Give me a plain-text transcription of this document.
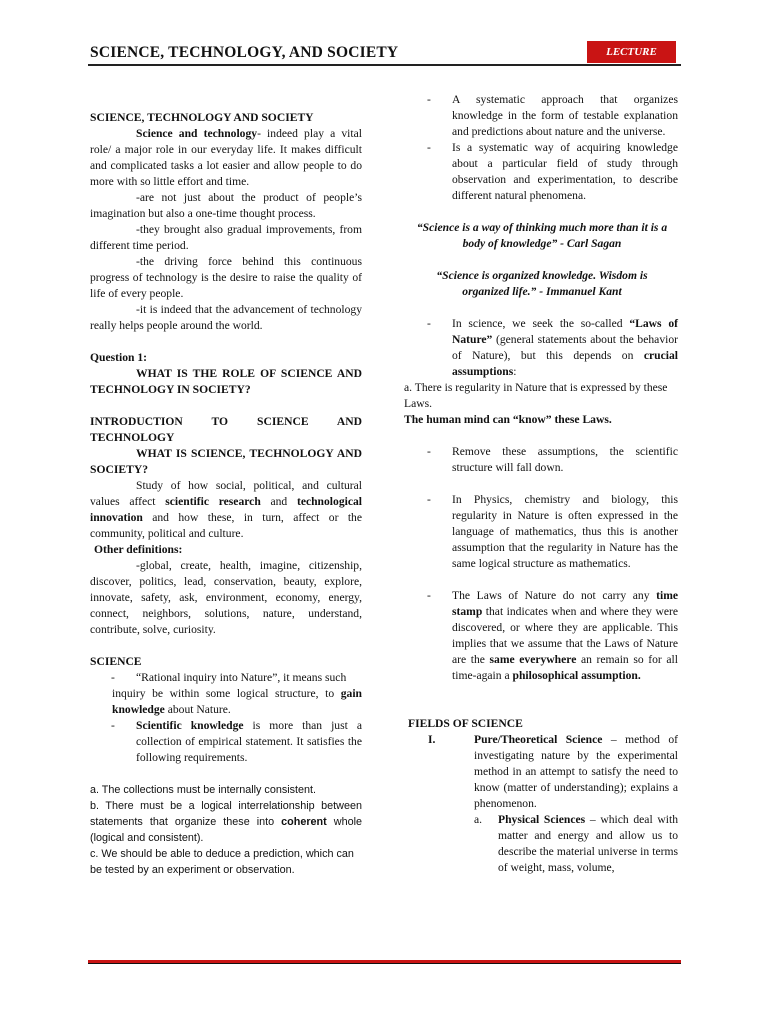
SCIENCE, TECHNOLOGY, AND SOCIETY	LECTURE

SCIENCE, TECHNOLOGY AND SOCIETY

Science and technology- indeed play a vital role/ a major role in our everyday life. It makes difficult and complicated tasks a lot easier and allow people to do more with so little effort and time.

-are not just about the product of people’s imagination but also a one-time thought process.

-they brought also gradual improvements, from different time period.

-the driving force behind this continuous progress of technology is the desire to raise the quality of life of every people.

-it is indeed that the advancement of technology really helps people around the world.

Question 1:

WHAT IS THE ROLE OF SCIENCE AND TECHNOLOGY IN SOCIETY?

INTRODUCTION TO SCIENCE AND TECHNOLOGY

WHAT IS SCIENCE, TECHNOLOGY AND SOCIETY?

Study of how social, political, and cultural values affect scientific research and technological innovation and how these, in turn, affect or the community, political and culture.

Other definitions:

-global, create, health, imagine, citizenship, discover, politics, lead, conservation, beauty, explore, innovate, safety, ask, environment, economy, energy, connect, neighbors, solutions, nature, understand, contribute, solve, curiosity.

SCIENCE

- “Rational inquiry into Nature”, it means such

inquiry be within some logical structure, to gain knowledge about Nature.

- Scientific knowledge is more than just a collection of empirical statement. It satisfies the following requirements.

a. The collections must be internally consistent.

b. There must be a logical interrelationship between statements that organize these into coherent whole (logical and consistent).

c. We should be able to deduce a prediction, which can be tested by an experiment or observation.

- A systematic approach that organizes knowledge in the form of testable explanation and predictions about nature and the universe.

- Is a systematic way of acquiring knowledge about a particular field of study through observation and experimentation, to describe different natural phenomena.

“Science is a way of thinking much more than it is a body of knowledge” - Carl Sagan

“Science is organized knowledge. Wisdom is organized life.” - Immanuel Kant

- In science, we seek the so-called “Laws of Nature” (general statements about the behavior of Nature), but this depends on crucial assumptions:

a. There is regularity in Nature that is expressed by these Laws.

The human mind can “know” these Laws.

- Remove these assumptions, the scientific structure will fall down.

- In Physics, chemistry and biology, this regularity in Nature is often expressed in the language of mathematics, thus this is another assumption that the regularity in Nature has the same logical structure as mathematics.

- The Laws of Nature do not carry any time stamp that indicates when and where they were discovered, or where they are applicable. This implies that we assume that the Laws of Nature are the same everywhere an remain so for all time-again a philosophical assumption.

FIELDS OF SCIENCE

I.	Pure/Theoretical Science – method of investigating nature by the experimental method in an attempt to satisfy the need to know (matter of understanding); explains a phenomenon.

a. Physical Sciences – which deal with matter and energy and allow us to describe the material universe in terms of weight, mass, volume,
